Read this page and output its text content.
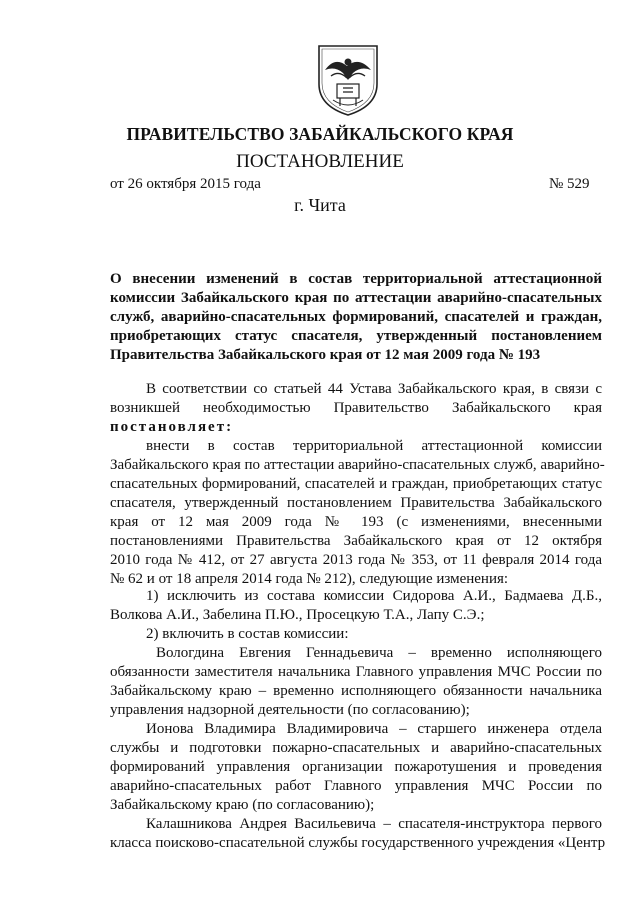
ПРАВИТЕЛЬСТВО ЗАБАЙКАЛЬСКОГО КРАЯ
ПОСТАНОВЛЕНИЕ
от 26 октября 2015 года	№ 529
г. Чита
О внесении изменений в состав территориальной аттестационной
комиссии Забайкальского края по аттестации аварийно-спасательных
служб, аварийно-спасательных формирований, спасателей и граждан,
приобретающих статус спасателя, утвержденный постановлением
Правительства Забайкальского края от 12 мая 2009 года № 193
В соответствии со статьей 44 Устава Забайкальского края, в связи с
возникшей необходимостью Правительство Забайкальского края
постановляет:
внести в состав территориальной аттестационной комиссии
Забайкальского края по аттестации аварийно-спасательных служб, аварийно-
спасательных формирований, спасателей и граждан, приобретающих статус
спасателя, утвержденный постановлением Правительства Забайкальского
края от 12 мая 2009 года № 193 (с изменениями, внесенными
постановлениями Правительства Забайкальского края от 12 октября
2010 года № 412, от 27 августа 2013 года № 353, от 11 февраля 2014 года
№ 62 и от 18 апреля 2014 года № 212), следующие изменения:
1) исключить из состава комиссии Сидорова А.И., Бадмаева Д.Б.,
Волкова А.И., Забелина П.Ю., Просецкую Т.А., Лапу С.Э.;
2) включить в состав комиссии:
Вологдина Евгения Геннадьевича – временно исполняющего
обязанности заместителя начальника Главного управления МЧС России по
Забайкальскому краю – временно исполняющего обязанности начальника
управления надзорной деятельности (по согласованию);
Ионова Владимира Владимировича – старшего инженера отдела
службы и подготовки пожарно-спасательных и аварийно-спасательных
формирований управления организации пожаротушения и проведения
аварийно-спасательных работ Главного управления МЧС России по
Забайкальскому краю (по согласованию);
Калашникова Андрея Васильевича – спасателя-инструктора первого
класса поисково-спасательной службы государственного учреждения «Центр
